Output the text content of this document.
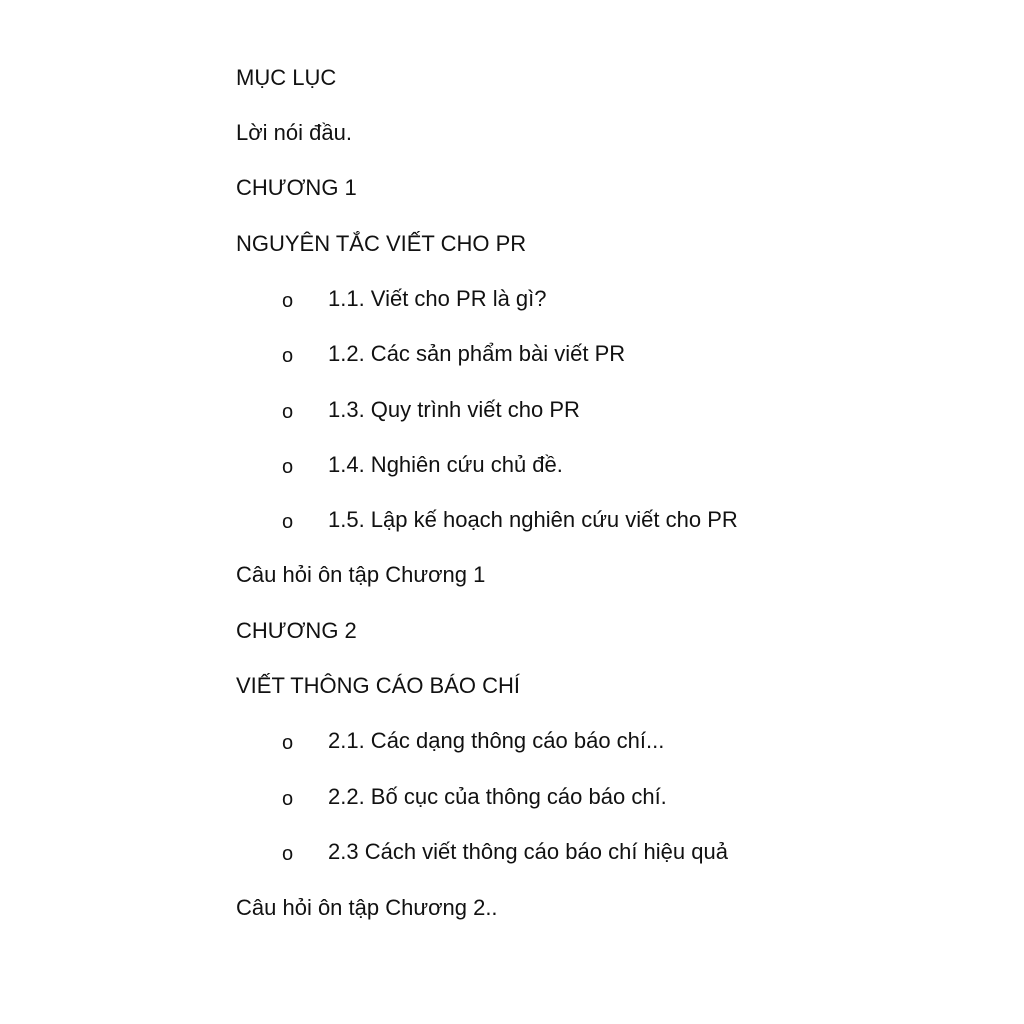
MỤC LỤC
Lời nói đầu.
CHƯƠNG 1
NGUYÊN TẮC VIẾT CHO PR
o 1.1. Viết cho PR là gì?
o 1.2. Các sản phẩm bài viết PR
o 1.3. Quy trình viết cho PR
o 1.4. Nghiên cứu chủ đề.
o 1.5. Lập kế hoạch nghiên cứu viết cho PR
Câu hỏi ôn tập Chương 1
CHƯƠNG 2
VIẾT THÔNG CÁO BÁO CHÍ
o 2.1. Các dạng thông cáo báo chí...
o 2.2. Bố cục của thông cáo báo chí.
o 2.3 Cách viết thông cáo báo chí hiệu quả
Câu hỏi ôn tập Chương 2..
